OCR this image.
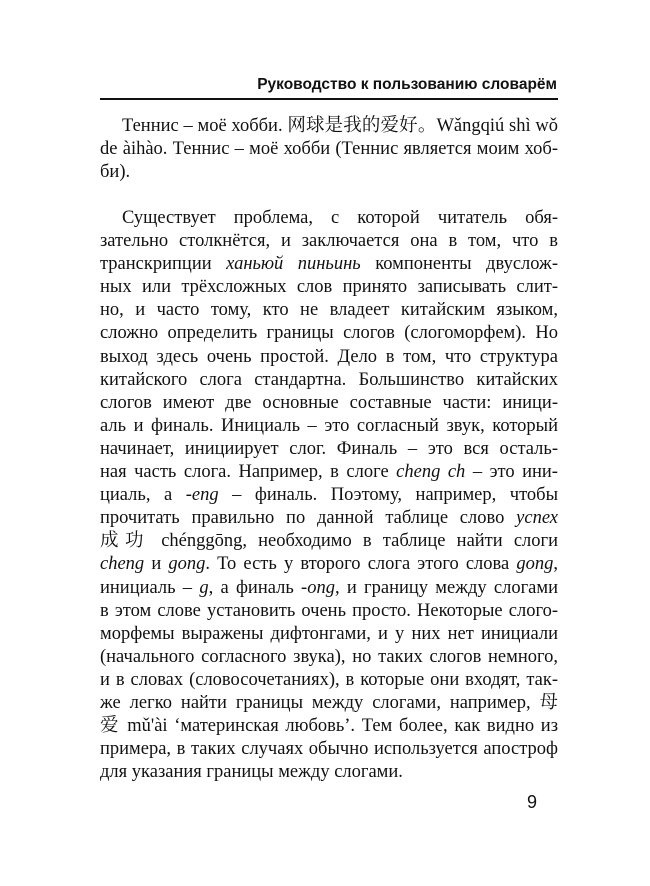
Руководство к пользованию словарём
Теннис – моё хобби. 网球是我的爱好。Wǎngqiú shì wǒ
de àihào. Теннис – моё хобби (Теннис является моим хоб-
би).
Существует проблема, с которой читатель обя-
зательно столкнётся, и заключается она в том, что в
транскрипции ханьюй пиньинь компоненты двуслож-
ных или трёхсложных слов принято записывать слит-
но, и часто тому, кто не владеет китайским языком,
сложно определить границы слогов (слогоморфем). Но
выход здесь очень простой. Дело в том, что структура
китайского слога стандартна. Большинство китайских
слогов имеют две основные составные части: иници-
аль и финаль. Инициаль – это согласный звук, который
начинает, инициирует слог. Финаль – это вся осталь-
ная часть слога. Например, в слоге cheng ch – это ини-
циаль, а -eng – финаль. Поэтому, например, чтобы
прочитать правильно по данной таблице слово успех
成功 chénggōng, необходимо в таблице найти слоги
cheng и gong. То есть у второго слога этого слова gong,
инициаль – g, а финаль -ong, и границу между слогами
в этом слове установить очень просто. Некоторые слого-
морфемы выражены дифтонгами, и у них нет инициали
(начального согласного звука), но таких слогов немного,
и в словах (словосочетаниях), в которые они входят, так-
же легко найти границы между слогами, например, 母
爱 mǔ'ài ‘материнская любовь’. Тем более, как видно из
примера, в таких случаях обычно используется апостроф
для указания границы между слогами.
9
